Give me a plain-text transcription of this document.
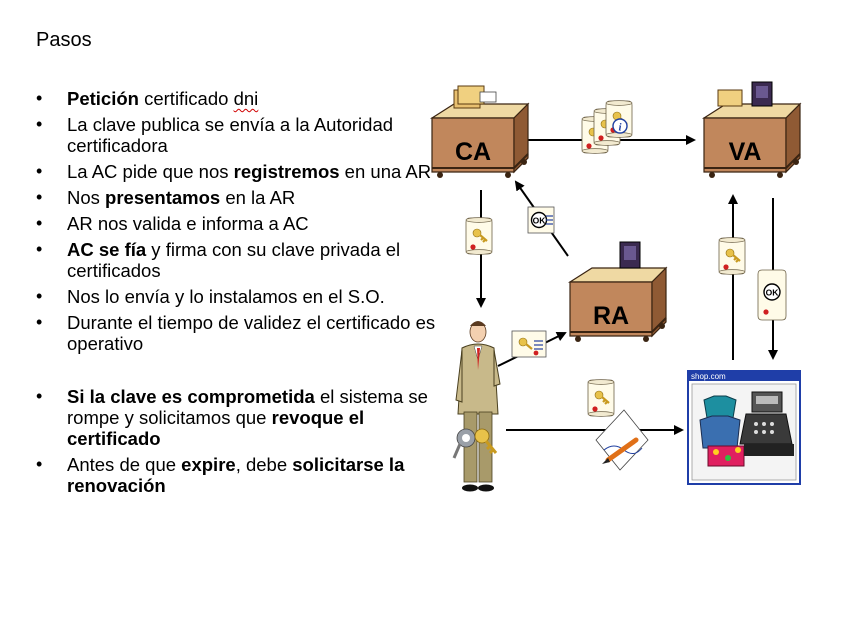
Pasos
• Petición certificado dni
• La clave publica se envía a la Autoridad certificadora
• La AC pide que nos registremos en una AR
• Nos presentamos en la AR
• AR nos valida e informa a AC
• AC se fía y firma con su clave privada el certificados
• Nos lo envía y lo instalamos en el S.O.
• Durante el tiempo de validez el certificado es operativo
• Si la clave es comprometida el sistema se rompe y solicitamos que revoque el certificado
• Antes de que expire, debe solicitarse la renovación
OK
CA	VA
RA
i
OK
shop.com
